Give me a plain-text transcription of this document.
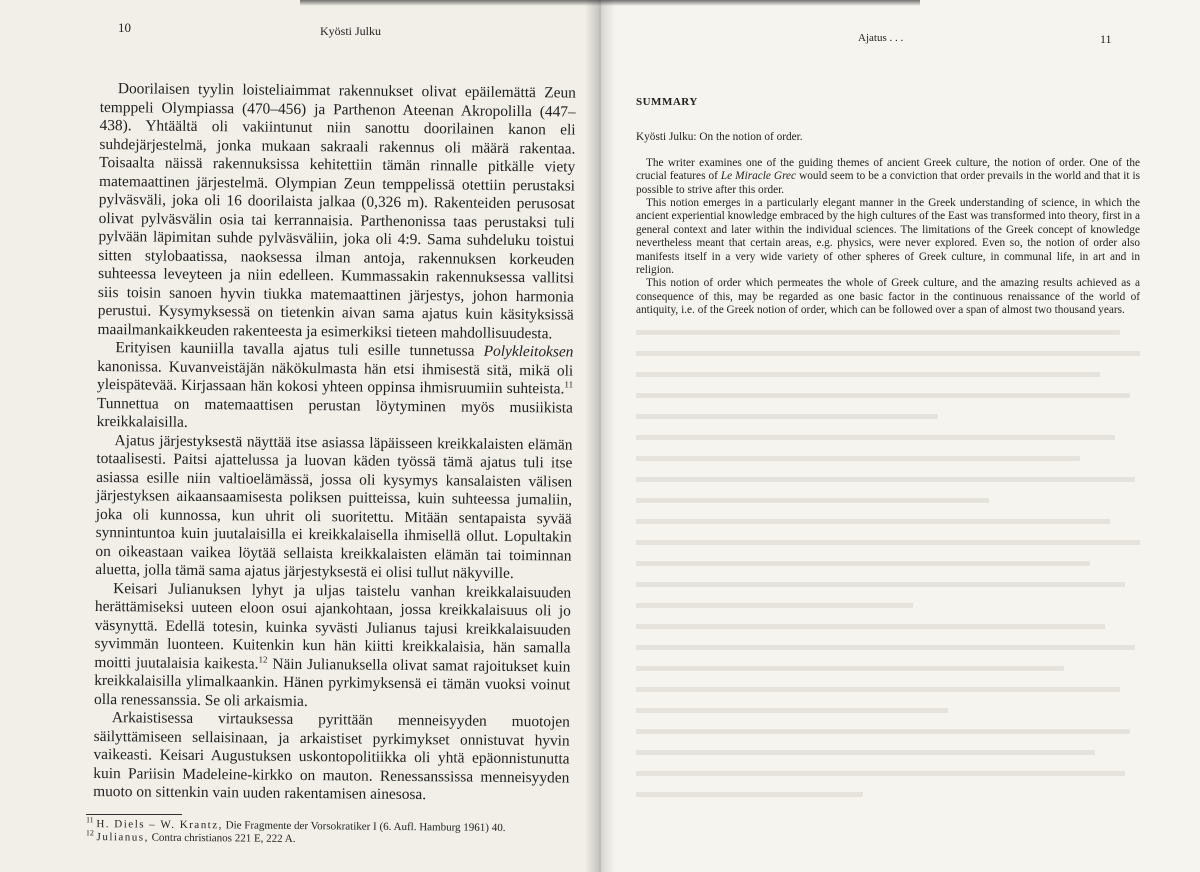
10	Kyösti Julku

Doorilaisen tyylin loisteliaimmat rakennukset olivat epäilemättä Zeun temppeli Olympiassa (470–456) ja Parthenon Ateenan Akropolilla (447–438). Yhtäältä oli vakiintunut niin sanottu doorilainen kanon eli suhdejärjestelmä, jonka mukaan sakraali rakennus oli määrä rakentaa. Toisaalta näissä rakennuksissa kehitettiin tämän rinnalle pitkälle viety matemaattinen järjestelmä. Olympian Zeun temppelissä otettiin perustaksi pylväsväli, joka oli 16 doorilaista jalkaa (0,326 m). Rakenteiden perusosat olivat pylväsvälin osia tai kerrannaisia. Parthenonissa taas perustaksi tuli pylvään läpimitan suhde pylväsväliin, joka oli 4:9. Sama suhdeluku toistui sitten stylobaatissa, naoksessa ilman antoja, rakennuksen korkeuden suhteessa leveyteen ja niin edelleen. Kummassakin rakennuksessa vallitsi siis toisin sanoen hyvin tiukka matemaattinen järjestys, johon harmonia perustui. Kysymyksessä on tietenkin aivan sama ajatus kuin käsityksissä maailmankaikkeuden rakenteesta ja esimerkiksi tieteen mahdollisuudesta.

Erityisen kauniilla tavalla ajatus tuli esille tunnetussa Polykleitoksen kanonissa. Kuvanveistäjän näkökulmasta hän etsi ihmisestä sitä, mikä oli yleispätevää. Kirjassaan hän kokosi yhteen oppinsa ihmisruumiin suhteista.$^{11}$ Tunnettua on matemaattisen perustan löytyminen myös musiikista kreikkalaisilla.

Ajatus järjestyksestä näyttää itse asiassa läpäisseen kreikkalaisten elämän totaalisesti. Paitsi ajattelussa ja luovan käden työssä tämä ajatus tuli itse asiassa esille niin valtioelämässä, jossa oli kysymys kansalaisten välisen järjestyksen aikaansaamisesta poliksen puitteissa, kuin suhteessa jumaliin, joka oli kunnossa, kun uhrit oli suoritettu. Mitään sentapaista syvää synnintuntoa kuin juutalaisilla ei kreikkalaisella ihmisellä ollut. Lopultakin on oikeastaan vaikea löytää sellaista kreikkalaisten elämän tai toiminnan aluetta, jolla tämä sama ajatus järjestyksestä ei olisi tullut näkyville.

Keisari Julianuksen lyhyt ja uljas taistelu vanhan kreikkalaisuuden herättämiseksi uuteen eloon osui ajankohtaan, jossa kreikkalaisuus oli jo väsynyttä. Edellä totesin, kuinka syvästi Julianus tajusi kreikkalaisuuden syvimmän luonteen. Kuitenkin kun hän kiitti kreikkalaisia, hän samalla moitti juutalaisia kaikesta.$^{12}$ Näin Julianuksella olivat samat rajoitukset kuin kreikkalaisilla ylimalkaankin. Hänen pyrkimyksensä ei tämän vuoksi voinut olla renessanssia. Se oli arkaismia.

Arkaistisessa virtauksessa pyrittään menneisyyden muotojen säilyttämiseen sellaisinaan, ja arkaistiset pyrkimykset onnistuvat hyvin vaikeasti. Keisari Augustuksen uskontopolitiikka oli yhtä epäonnistunutta kuin Pariisin Madeleine-kirkko on mauton. Renessanssissa menneisyyden muoto on sittenkin vain uuden rakentamisen ainesosa.

$^{11}$ H. Diels – W. Krantz, Die Fragmente der Vorsokratiker I (6. Aufl. Hamburg 1961) 40.
$^{12}$ Julianus, Contra christianos 221 E, 222 A.
Ajatus . . .	11
SUMMARY
Kyösti Julku: On the notion of order.

The writer examines one of the guiding themes of ancient Greek culture, the notion of order. One of the crucial features of Le Miracle Grec would seem to be a conviction that order prevails in the world and that it is possible to strive after this order.

This notion emerges in a particularly elegant manner in the Greek understanding of science, in which the ancient experiential knowledge embraced by the high cultures of the East was transformed into theory, first in a general context and later within the individual sciences. The limitations of the Greek concept of knowledge nevertheless meant that certain areas, e.g. physics, were never explored. Even so, the notion of order also manifests itself in a very wide variety of other spheres of Greek culture, in communal life, in art and in religion.

This notion of order which permeates the whole of Greek culture, and the amazing results achieved as a consequence of this, may be regarded as one basic factor in the continuous renaissance of the world of antiquity, i.e. of the Greek notion of order, which can be followed over a span of almost two thousand years.
